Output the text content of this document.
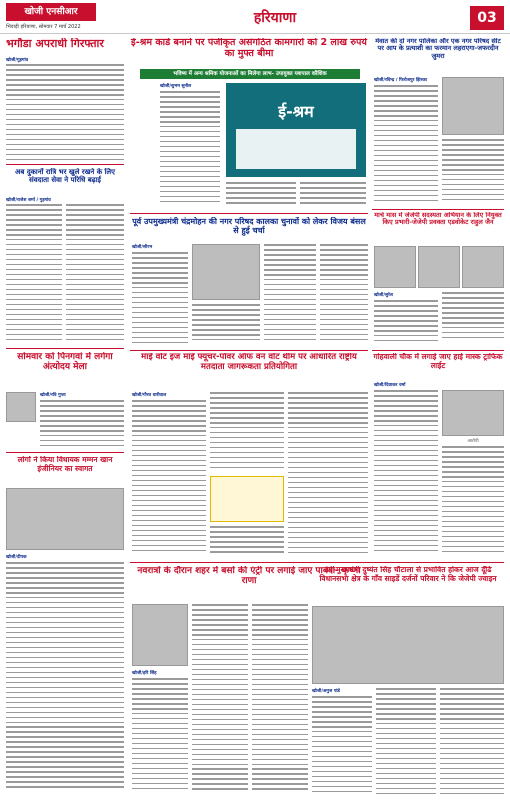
खोजी एनसीआर
भिवाड़ी हरियाणा, सोमवार 7 मार्च 2022
हरियाणा	03
भगौडा अपराधी गिरफ्तार
खोजी/गुड़गांव
अब दुकानों रात्रि भर खुले रखने के लिए संवदाता सेवा ने परिधि बढ़ाई
खोजी/राजेश शर्मा / गुड़गांव
सोमवार को पिनगवां में लगेगा अंत्योदय मेला
खोजी/रवि गुप्ता
लोगों ने किया विधायक मम्मन खान इंजीनियर का स्वागत
खोजी/दीपक
ई-श्रम कार्ड बनाने पर पंजीकृत असंगठित कामगारों को 2 लाख रुपये का मुफ्त बीमा
भविष्य में अन्य श्रमिक योजनाओं का मिलेगा लाभ- उपायुक्त यशपाल कौशिक
खोजी/शुभम सुनील
ई-श्रम
पूर्व उपमुख्यमंत्री चंद्रमोहन की नगर परिषद कालका चुनावों को लेकर विजय बंसल से हुई चर्चा
खोजी/सौरभ
माई वोट इज माई फ्यूचर-पॉवर ऑफ वन वोट थीम पर आधारित राष्ट्रीय मतदाता जागरूकता प्रतियोगिता
खोजी/गौरव धारीवाल
नवरात्रों के दौरान शहर में बसों की एंट्री पर लगाई जाए पाबंदी- कृष्णा राणा
खोजी/हरि सिंह
मेवात की दो नगर पालिका और एक नगर परिषद सीट पर आप के प्रत्याशी का फरमान लहराएगा-जफरदीन जुमरा
खोजी/रविन्द्र / फिरोजपुर झिरका
मार्च मास में जेजेपी सदस्यता अभियान के लिए नियुक्त किए प्रभारी-जेजेपी प्रवक्ता एडवोकेट राहुल जैन
खोजी/सुरेश
गोहवाली चौक में लगाई जाए हाई मास्क ट्राफिक लाईट
खोजी/दिवाकर वर्मा
आरोपी
उप-मुख्यमंत्री दुष्यंत सिंह चौटाला से प्रभावित होकर आज दूँढि विधानसभा क्षेत्र के गाँव साइडें दर्जनों परिवार ने कि जेजेपी ज्वाइन
खोजी/अनुज पांडे
